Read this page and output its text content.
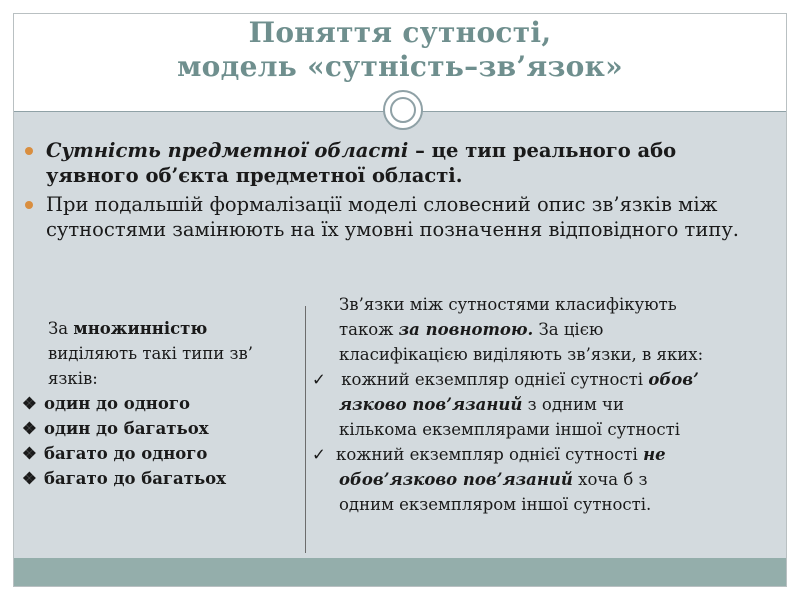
Поняття сутності,
модель «сутність–зв’язок»
Сутність предметної області – це тип реального або уявного об’єкта предметної області.
При подальшій формалізації моделі словесний опис зв’язків між сутностями замінюють на їх умовні позначення відповідного типу.
За множинністю
виділяють такі типи зв’
язків:
❖ один до одного
❖ один до багатьох
❖ багато до одного
❖ багато до багатьох
Зв’язки між сутностями класифікують
також за повнотою. За цією
класифікацією виділяють зв’язки, в яких:
✓ кожний екземпляр однієї сутності обов’
язково пов’язаний з одним чи
кількома екземплярами іншої сутності
✓ кожний екземпляр однієї сутності не
обов’язково пов’язаний хоча б з
одним екземпляром іншої сутності.
